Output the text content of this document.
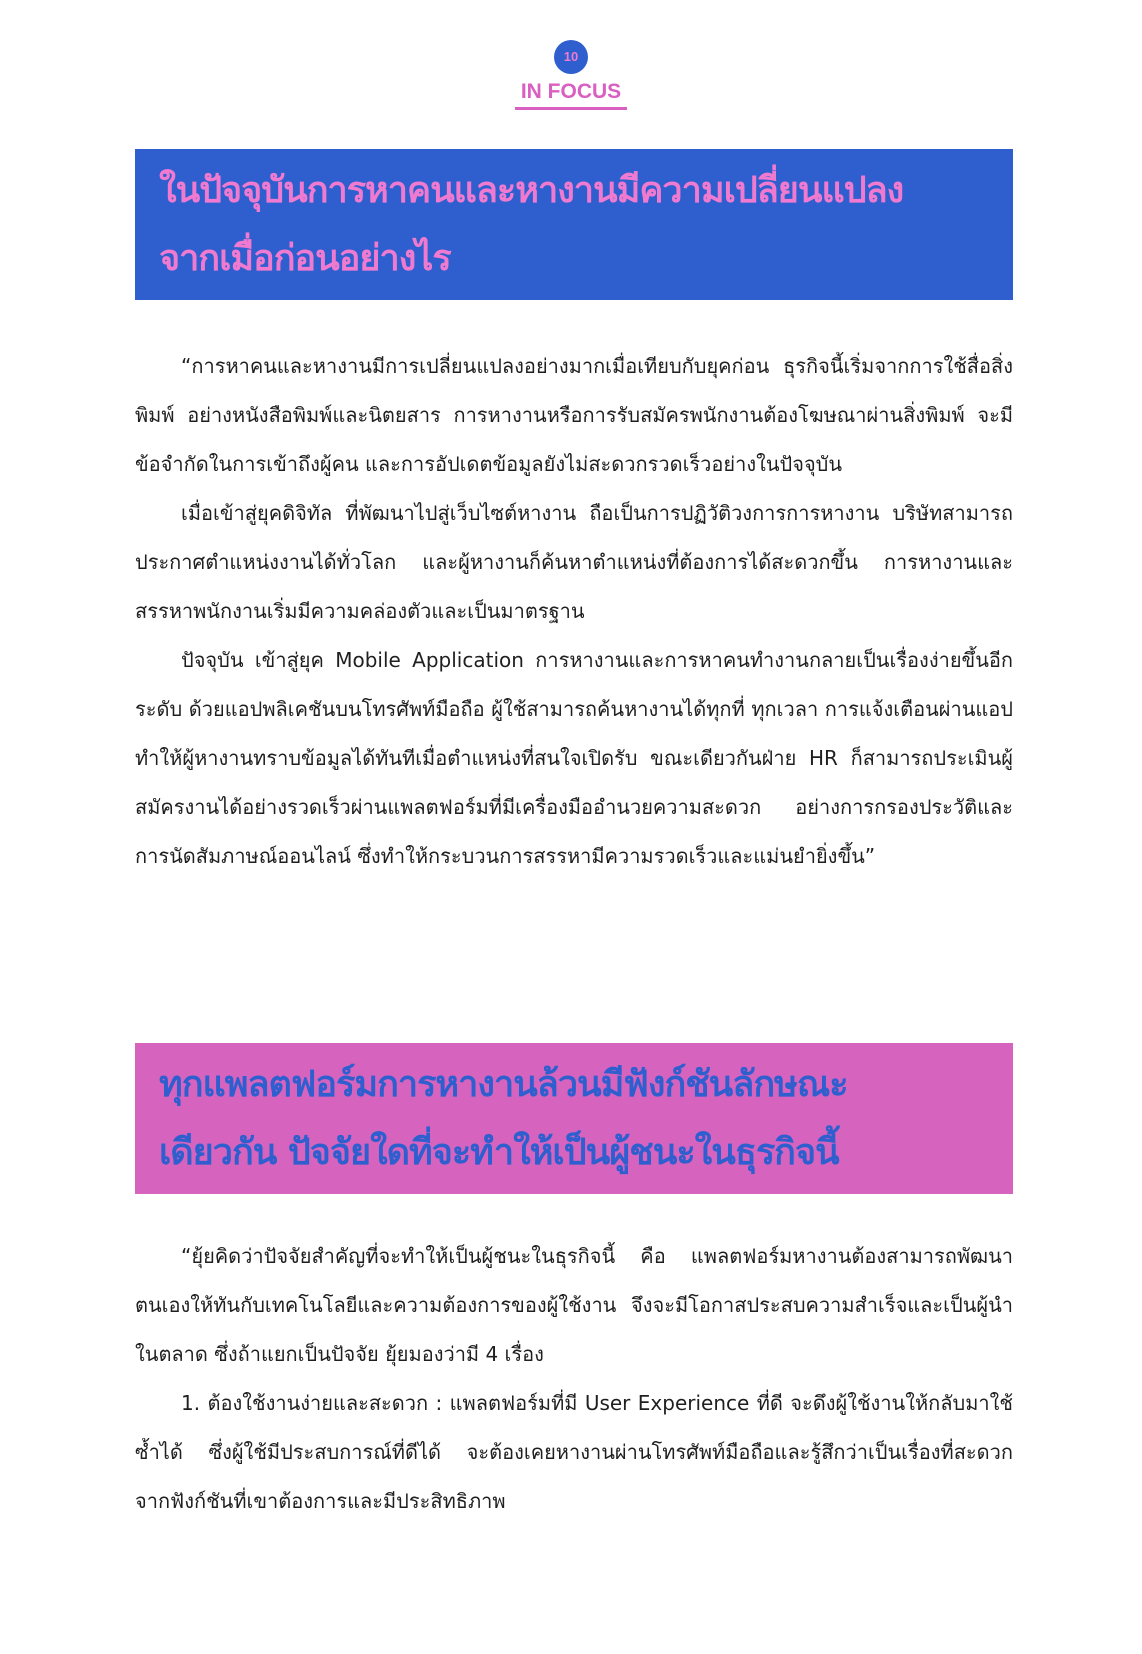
10
IN FOCUS
ในปัจจุบันการหาคนและหางานมีความเปลี่ยนแปลง
จากเมื่อก่อนอย่างไร

“การหาคนและหางานมีการเปลี่ยนแปลงอย่างมากเมื่อเทียบกับยุคก่อน ธุรกิจนี้เริ่มจากการใช้สื่อสิ่งพิมพ์ อย่างหนังสือพิมพ์และนิตยสาร การหางานหรือการรับสมัครพนักงานต้องโฆษณาผ่านสิ่งพิมพ์ จะมีข้อจำกัดในการเข้าถึงผู้คน และการอัปเดตข้อมูลยังไม่สะดวกรวดเร็วอย่างในปัจจุบัน

เมื่อเข้าสู่ยุคดิจิทัล ที่พัฒนาไปสู่เว็บไซต์หางาน ถือเป็นการปฏิวัติวงการการหางาน บริษัทสามารถประกาศตำแหน่งงานได้ทั่วโลก และผู้หางานก็ค้นหาตำแหน่งที่ต้องการได้สะดวกขึ้น การหางานและสรรหาพนักงานเริ่มมีความคล่องตัวและเป็นมาตรฐาน

ปัจจุบัน เข้าสู่ยุค Mobile Application การหางานและการหาคนทำงานกลายเป็นเรื่องง่ายขึ้นอีกระดับ ด้วยแอปพลิเคชันบนโทรศัพท์มือถือ ผู้ใช้สามารถค้นหางานได้ทุกที่ ทุกเวลา การแจ้งเตือนผ่านแอปทำให้ผู้หางานทราบข้อมูลได้ทันทีเมื่อตำแหน่งที่สนใจเปิดรับ ขณะเดียวกันฝ่าย HR ก็สามารถประเมินผู้สมัครงานได้อย่างรวดเร็วผ่านแพลตฟอร์มที่มีเครื่องมืออำนวยความสะดวก อย่างการกรองประวัติและการนัดสัมภาษณ์ออนไลน์ ซึ่งทำให้กระบวนการสรรหามีความรวดเร็วและแม่นยำยิ่งขึ้น”

ทุกแพลตฟอร์มการหางานล้วนมีฟังก์ชันลักษณะ
เดียวกัน ปัจจัยใดที่จะทำให้เป็นผู้ชนะในธุรกิจนี้

“ยุ้ยคิดว่าปัจจัยสำคัญที่จะทำให้เป็นผู้ชนะในธุรกิจนี้ คือ แพลตฟอร์มหางานต้องสามารถพัฒนาตนเองให้ทันกับเทคโนโลยีและความต้องการของผู้ใช้งาน จึงจะมีโอกาสประสบความสำเร็จและเป็นผู้นำในตลาด ซึ่งถ้าแยกเป็นปัจจัย ยุ้ยมองว่ามี 4 เรื่อง

1. ต้องใช้งานง่ายและสะดวก : แพลตฟอร์มที่มี User Experience ที่ดี จะดึงผู้ใช้งานให้กลับมาใช้ซ้ำได้ ซึ่งผู้ใช้มีประสบการณ์ที่ดีได้ จะต้องเคยหางานผ่านโทรศัพท์มือถือและรู้สึกว่าเป็นเรื่องที่สะดวก จากฟังก์ชันที่เขาต้องการและมีประสิทธิภาพ
